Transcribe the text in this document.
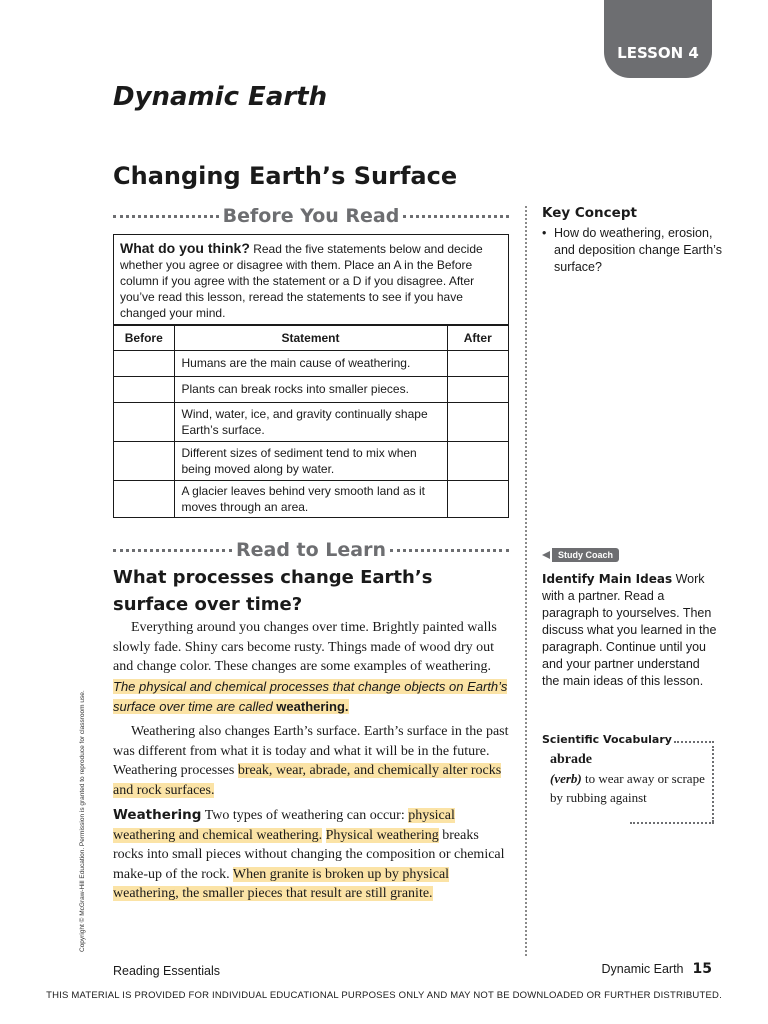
LESSON 4
Dynamic Earth
Changing Earth’s Surface
Before You Read
What do you think? Read the five statements below and decide whether you agree or disagree with them. Place an A in the Before column if you agree with the statement or a D if you disagree. After you’ve read this lesson, reread the statements to see if you have changed your mind.
Before	Statement	After
	Humans are the main cause of weathering.	
	Plants can break rocks into smaller pieces.	
	Wind, water, ice, and gravity continually shape Earth’s surface.	
	Different sizes of sediment tend to mix when being moved along by water.	
	A glacier leaves behind very smooth land as it moves through an area.	
Read to Learn
What processes change Earth’s surface over time?

Everything around you changes over time. Brightly painted walls slowly fade. Shiny cars become rusty. Things made of wood dry out and change color. These changes are some examples of weathering. The physical and chemical processes that change objects on Earth’s surface over time are called weathering.

Weathering also changes Earth’s surface. Earth’s surface in the past was different from what it is today and what it will be in the future. Weathering processes break, wear, abrade, and chemically alter rocks and rock surfaces.

Weathering Two types of weathering can occur: physical weathering and chemical weathering. Physical weathering breaks rocks into small pieces without changing the composition or chemical make-up of the rock. When granite is broken up by physical weathering, the smaller pieces that result are still granite.

Key Concept
• How do weathering, erosion, and deposition change Earth’s surface?
Study Coach
Identify Main Ideas Work with a partner. Read a paragraph to yourselves. Then discuss what you learned in the paragraph. Continue until you and your partner understand the main ideas of this lesson.
Scientific Vocabulary
abrade
(verb) to wear away or scrape by rubbing against
Copyright © McGraw-Hill Education. Permission is granted to reproduce for classroom use.
Reading Essentials	Dynamic Earth 15
THIS MATERIAL IS PROVIDED FOR INDIVIDUAL EDUCATIONAL PURPOSES ONLY AND MAY NOT BE DOWNLOADED OR FURTHER DISTRIBUTED.
